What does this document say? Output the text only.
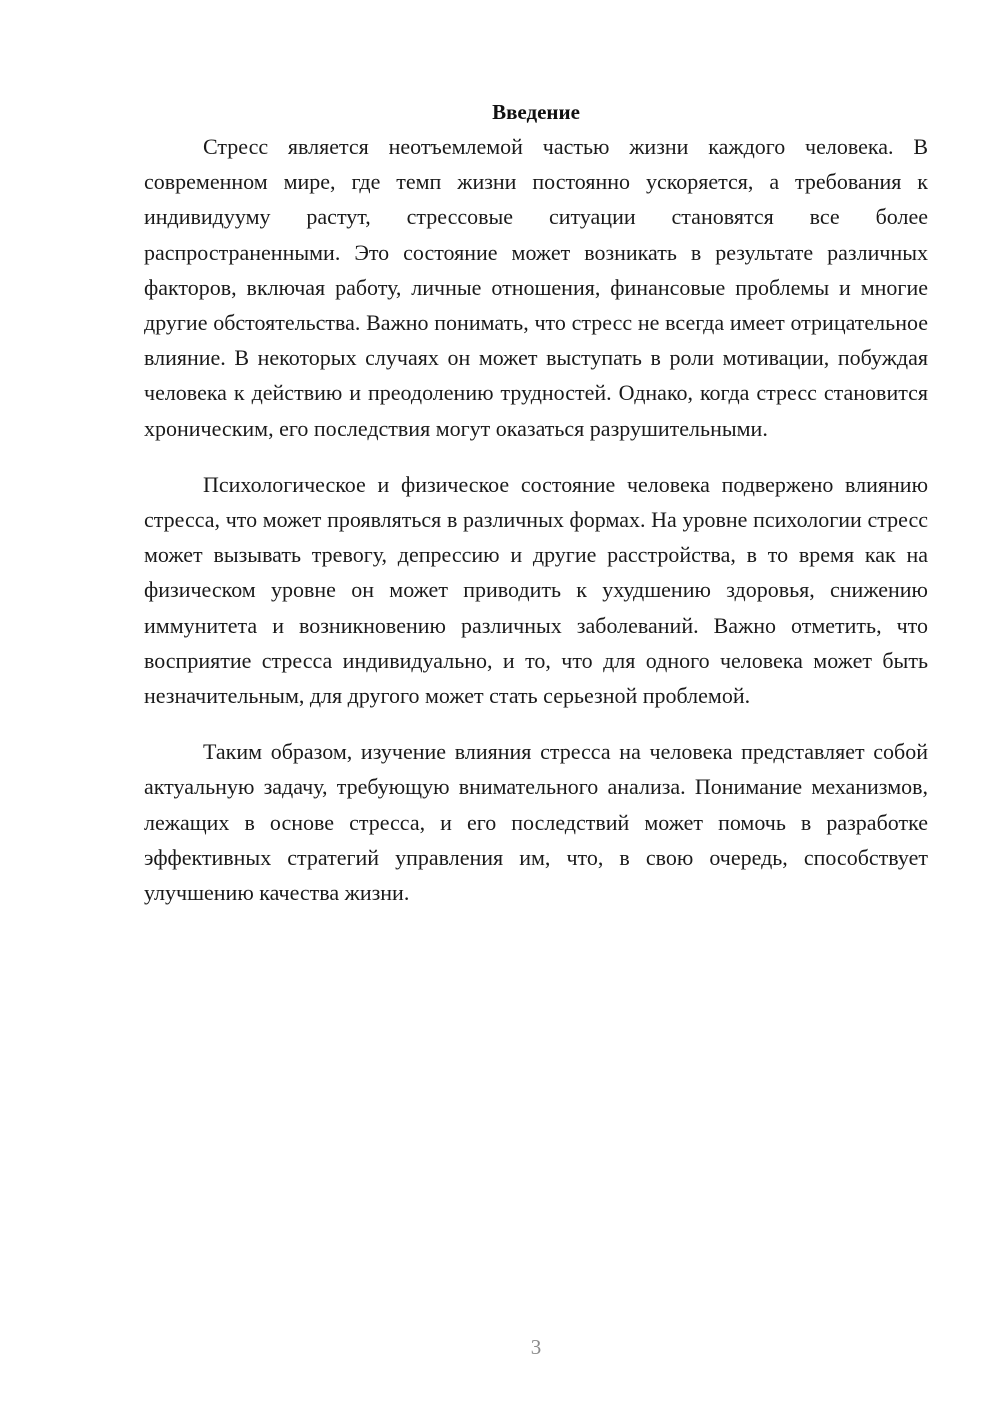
Введение

Стресс является неотъемлемой частью жизни каждого человека. В современном мире, где темп жизни постоянно ускоряется, а требования к индивидууму растут, стрессовые ситуации становятся все более распространенными. Это состояние может возникать в результате различных факторов, включая работу, личные отношения, финансовые проблемы и многие другие обстоятельства. Важно понимать, что стресс не всегда имеет отрицательное влияние. В некоторых случаях он может выступать в роли мотивации, побуждая человека к действию и преодолению трудностей. Однако, когда стресс становится хроническим, его последствия могут оказаться разрушительными.

Психологическое и физическое состояние человека подвержено влиянию стресса, что может проявляться в различных формах. На уровне психологии стресс может вызывать тревогу, депрессию и другие расстройства, в то время как на физическом уровне он может приводить к ухудшению здоровья, снижению иммунитета и возникновению различных заболеваний. Важно отметить, что восприятие стресса индивидуально, и то, что для одного человека может быть незначительным, для другого может стать серьезной проблемой.

Таким образом, изучение влияния стресса на человека представляет собой актуальную задачу, требующую внимательного анализа. Понимание механизмов, лежащих в основе стресса, и его последствий может помочь в разработке эффективных стратегий управления им, что, в свою очередь, способствует улучшению качества жизни.

3
